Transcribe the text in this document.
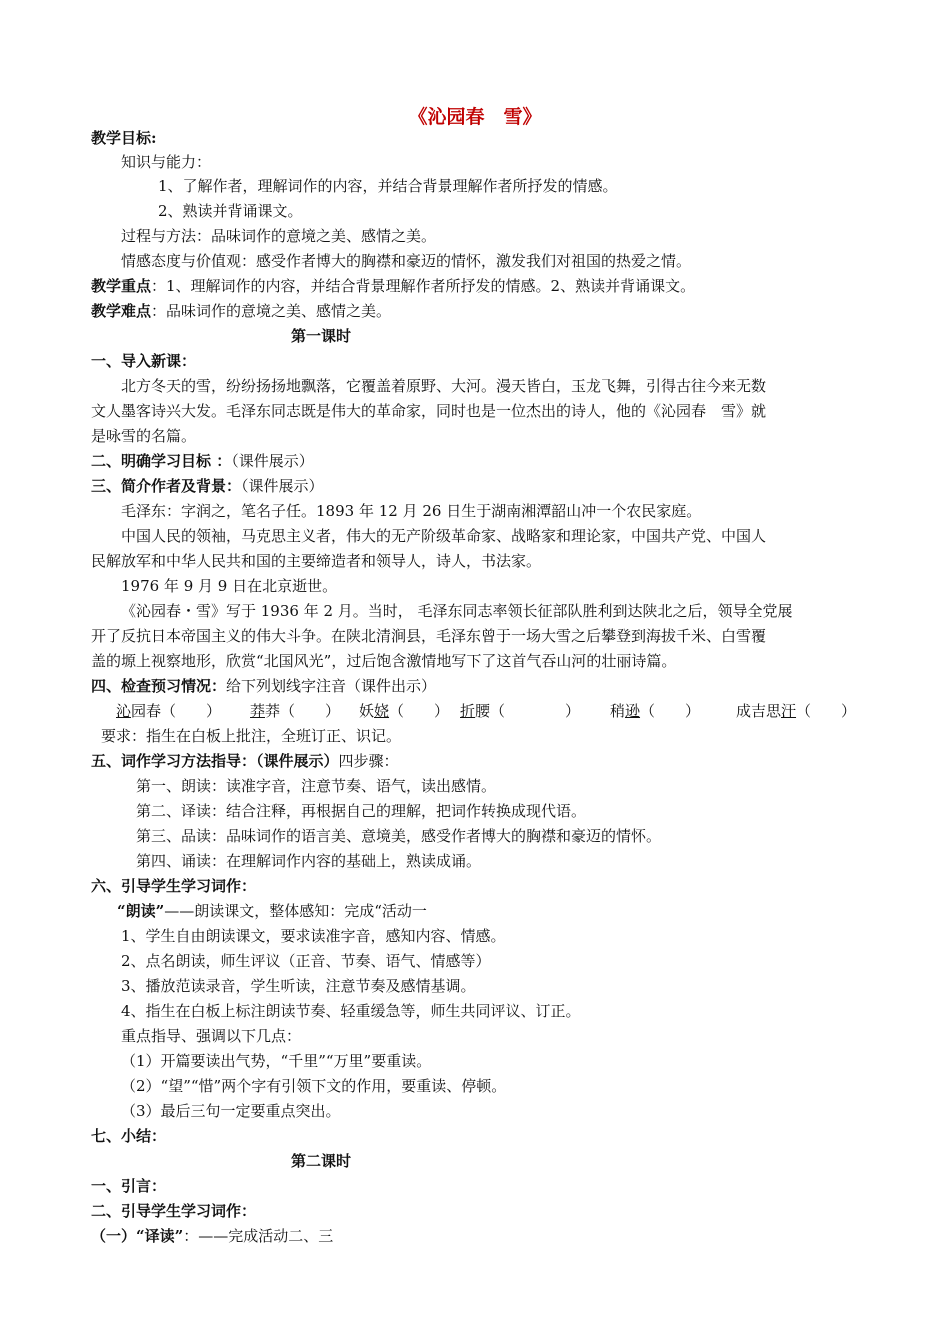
《沁园春　雪》
教学目标:
知识与能力：
1、了解作者，理解词作的内容，并结合背景理解作者所抒发的情感。
2、熟读并背诵课文。
过程与方法：品味词作的意境之美、感情之美。
情感态度与价值观：感受作者博大的胸襟和豪迈的情怀，激发我们对祖国的热爱之情。
教学重点：1、理解词作的内容，并结合背景理解作者所抒发的情感。2、熟读并背诵课文。
教学难点：品味词作的意境之美、感情之美。
第一课时
一、导入新课：
北方冬天的雪，纷纷扬扬地飘落，它覆盖着原野、大河。漫天皆白，玉龙飞舞，引得古往今来无数
文人墨客诗兴大发。毛泽东同志既是伟大的革命家，同时也是一位杰出的诗人，他的《沁园春　雪》就
是咏雪的名篇。
二、明确学习目标 ：（课件展示）
三、简介作者及背景：（课件展示）
毛泽东：字润之，笔名子任。1893 年 12 月 26 日生于湖南湘潭韶山冲一个农民家庭。
中国人民的领袖，马克思主义者，伟大的无产阶级革命家、战略家和理论家，中国共产党、中国人
民解放军和中华人民共和国的主要缔造者和领导人，诗人，书法家。
1976 年 9 月 9 日在北京逝世。
《沁园春・雪》写于 1936 年 2 月。当时， 毛泽东同志率领长征部队胜利到达陕北之后，领导全党展
开了反抗日本帝国主义的伟大斗争。在陕北清涧县，毛泽东曾于一场大雪之后攀登到海拔千米、白雪覆
盖的塬上视察地形，欣赏“北国风光”，过后饱含激情地写下了这首气吞山河的壮丽诗篇。
四、检查预习情况：给下列划线字注音（课件出示）
沁园春（　　） 莽莽（　　） 妖娆（　　） 折腰（　　　　） 稍逊（　　） 成吉思汗（　　）
要求：指生在白板上批注，全班订正、识记。
五、词作学习方法指导：（课件展示）四步骤：
第一、朗读：读准字音，注意节奏、语气，读出感情。
第二、译读：结合注释，再根据自己的理解，把词作转换成现代语。
第三、品读：品味词作的语言美、意境美，感受作者博大的胸襟和豪迈的情怀。
第四、诵读：在理解词作内容的基础上，熟读成诵。
六、引导学生学习词作：
“朗读”——朗读课文，整体感知：完成“活动一
1、学生自由朗读课文，要求读准字音，感知内容、情感。
2、点名朗读，师生评议（正音、节奏、语气、情感等）
3、播放范读录音，学生听读，注意节奏及感情基调。
4、指生在白板上标注朗读节奏、轻重缓急等，师生共同评议、订正。
重点指导、强调以下几点：
（1）开篇要读出气势，“千里”“万里”要重读。
（2）“望”“惜”两个字有引领下文的作用，要重读、停顿。
（3）最后三句一定要重点突出。
七、小结：
第二课时
一、引言：
二、引导学生学习词作：
（一）“译读”：——完成活动二、三
